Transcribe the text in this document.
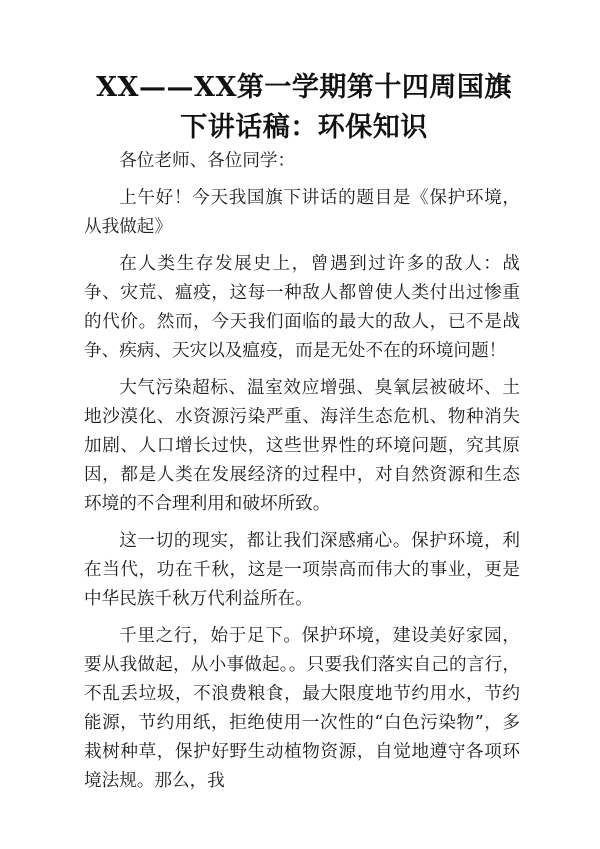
XX——XX第一学期第十四周国旗下讲话稿：环保知识

各位老师、各位同学：

上午好！今天我国旗下讲话的题目是《保护环境，从我做起》

在人类生存发展史上，曾遇到过许多的敌人：战争、灾荒、瘟疫，这每一种敌人都曾使人类付出过惨重的代价。然而，今天我们面临的最大的敌人，已不是战争、疾病、天灾以及瘟疫，而是无处不在的环境问题！

大气污染超标、温室效应增强、臭氧层被破坏、土地沙漠化、水资源污染严重、海洋生态危机、物种消失加剧、人口增长过快，这些世界性的环境问题，究其原因，都是人类在发展经济的过程中，对自然资源和生态环境的不合理利用和破坏所致。

这一切的现实，都让我们深感痛心。保护环境，利在当代，功在千秋，这是一项崇高而伟大的事业，更是中华民族千秋万代利益所在。

千里之行，始于足下。保护环境，建设美好家园，要从我做起，从小事做起。。只要我们落实自己的言行，不乱丢垃圾，不浪费粮食，最大限度地节约用水，节约能源，节约用纸，拒绝使用一次性的“白色污染物”，多栽树种草，保护好野生动植物资源，自觉地遵守各项环境法规。那么，我
